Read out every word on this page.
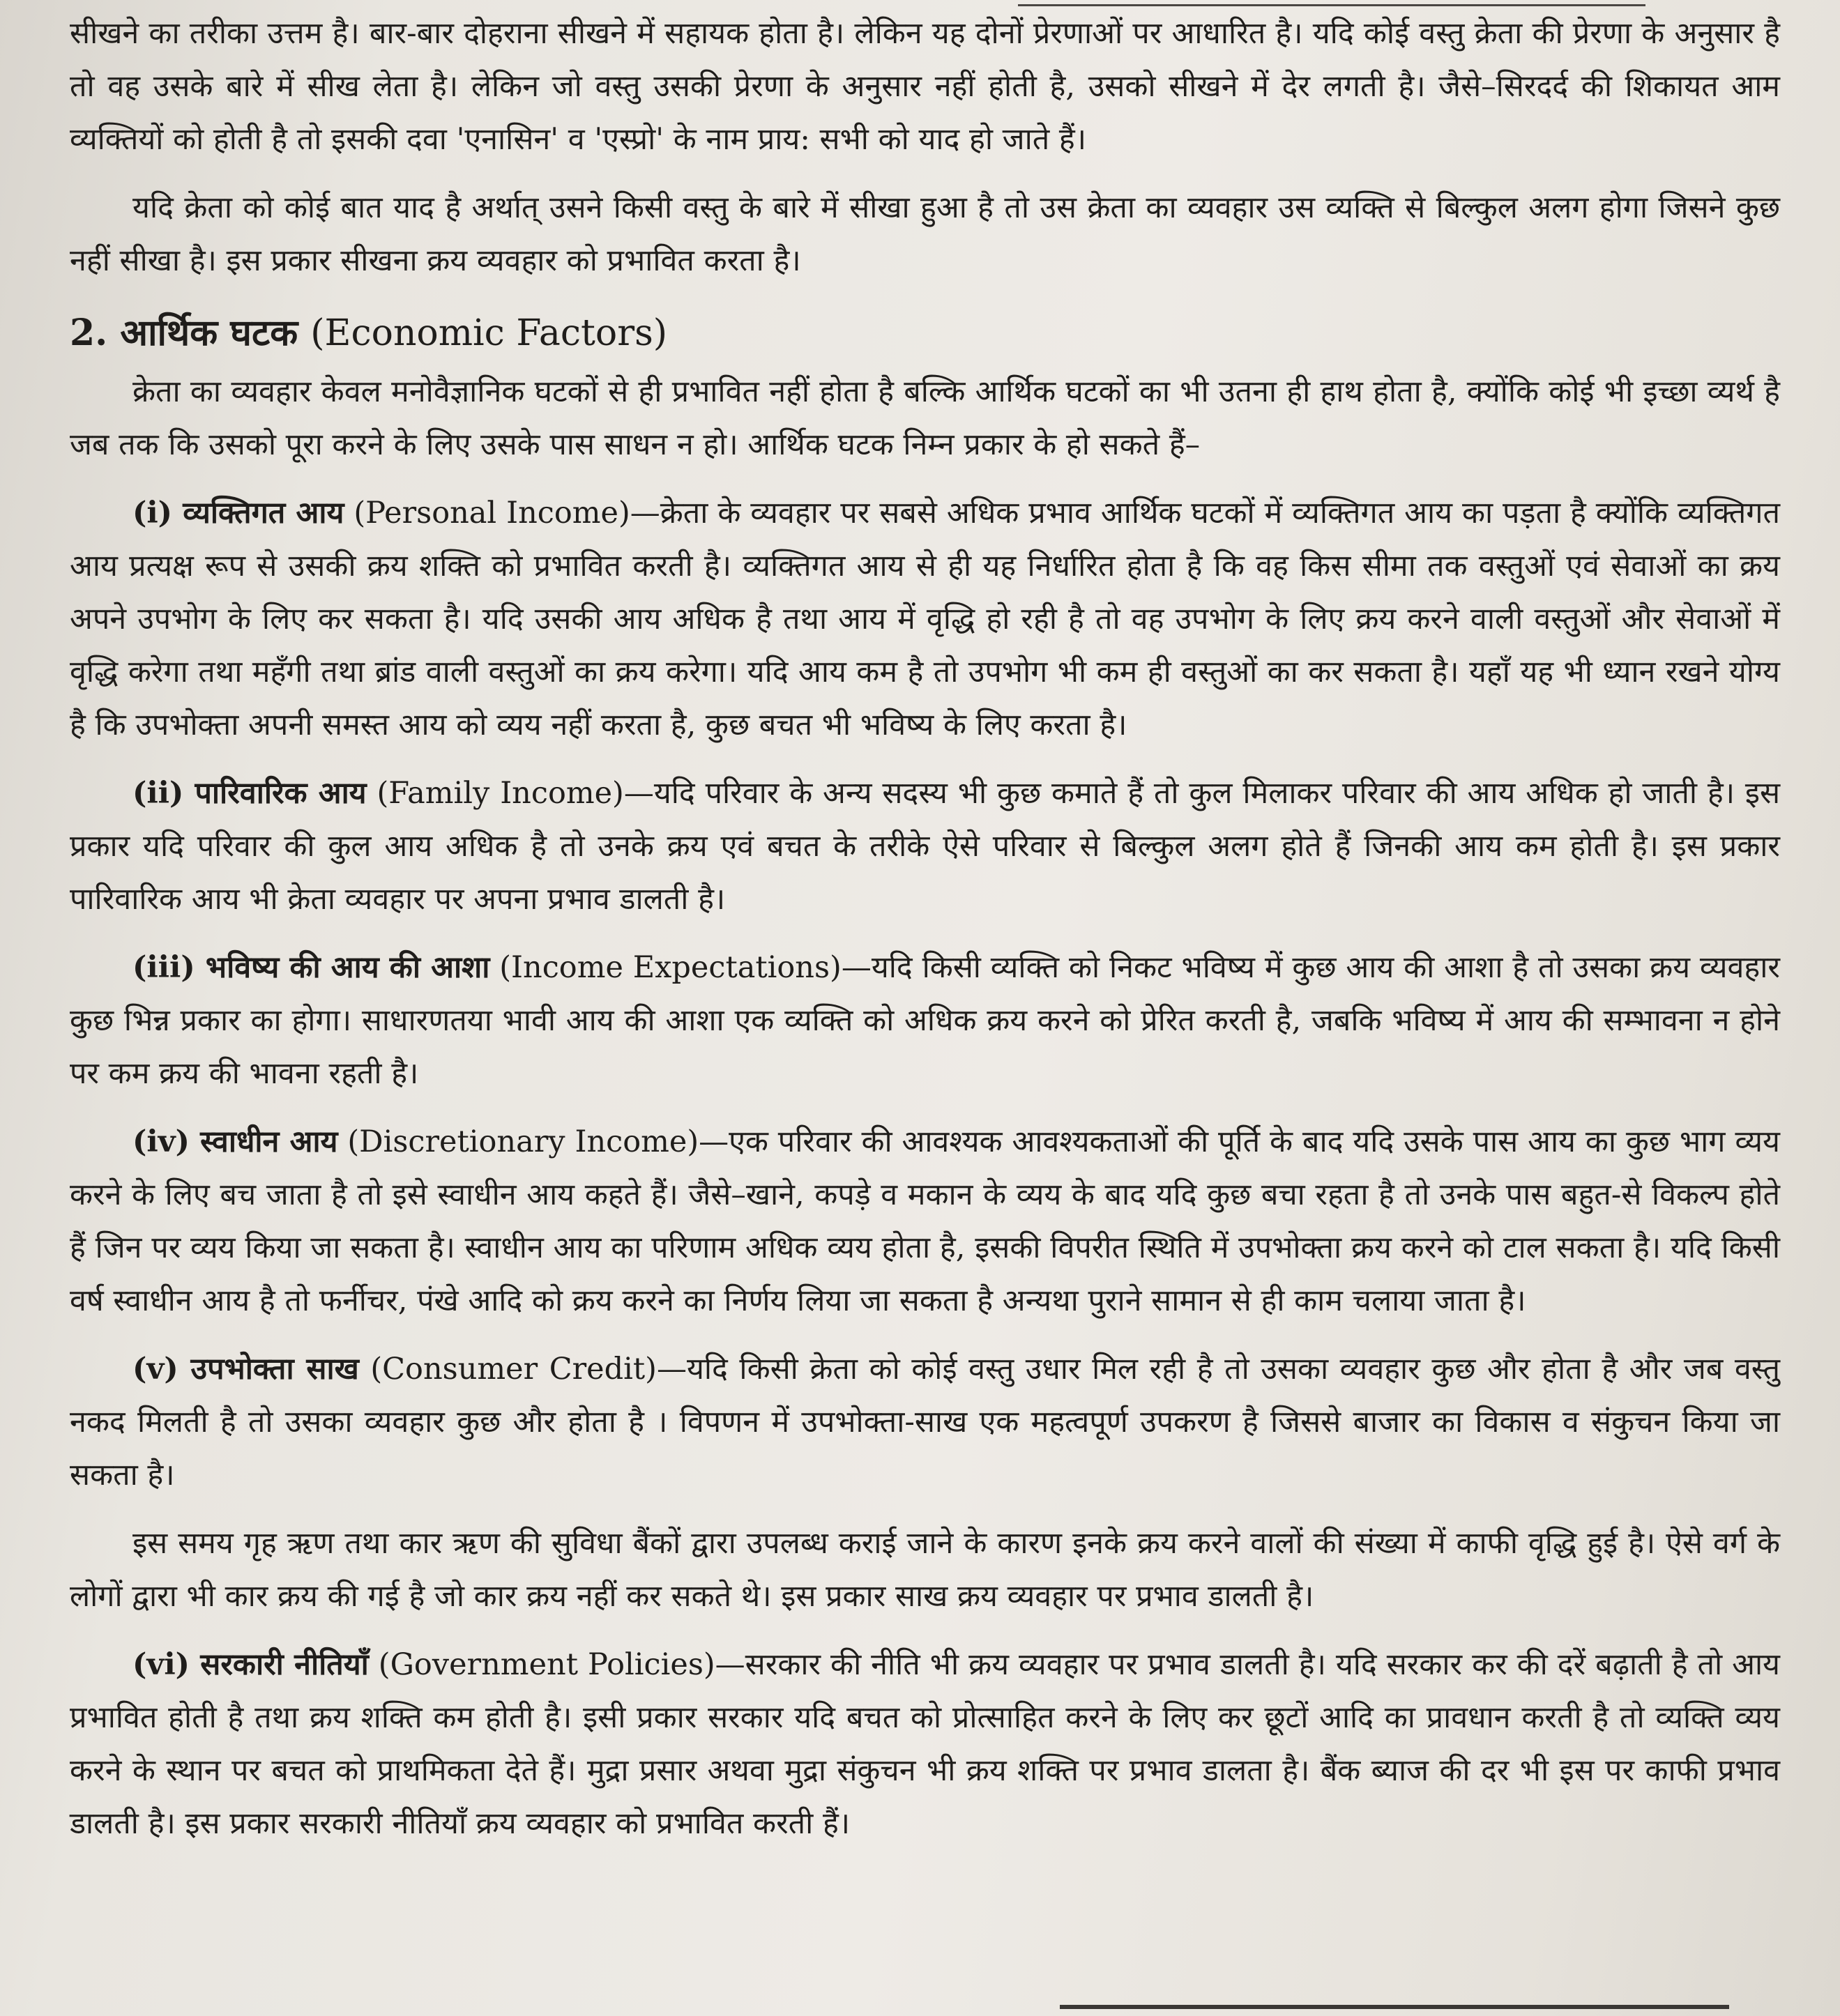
सीखने का तरीका उत्तम है। बार-बार दोहराना सीखने में सहायक होता है। लेकिन यह दोनों प्रेरणाओं पर आधारित है। यदि कोई वस्तु क्रेता की प्रेरणा के अनुसार है तो वह उसके बारे में सीख लेता है। लेकिन जो वस्तु उसकी प्रेरणा के अनुसार नहीं होती है, उसको सीखने में देर लगती है। जैसे–सिरदर्द की शिकायत आम व्यक्तियों को होती है तो इसकी दवा 'एनासिन' व 'एस्प्रो' के नाम प्राय: सभी को याद हो जाते हैं।

यदि क्रेता को कोई बात याद है अर्थात् उसने किसी वस्तु के बारे में सीखा हुआ है तो उस क्रेता का व्यवहार उस व्यक्ति से बिल्कुल अलग होगा जिसने कुछ नहीं सीखा है। इस प्रकार सीखना क्रय व्यवहार को प्रभावित करता है।

2. आर्थिक घटक (Economic Factors)

क्रेता का व्यवहार केवल मनोवैज्ञानिक घटकों से ही प्रभावित नहीं होता है बल्कि आर्थिक घटकों का भी उतना ही हाथ होता है, क्योंकि कोई भी इच्छा व्यर्थ है जब तक कि उसको पूरा करने के लिए उसके पास साधन न हो। आर्थिक घटक निम्न प्रकार के हो सकते हैं–

(i) व्यक्तिगत आय (Personal Income)—क्रेता के व्यवहार पर सबसे अधिक प्रभाव आर्थिक घटकों में व्यक्तिगत आय का पड़ता है क्योंकि व्यक्तिगत आय प्रत्यक्ष रूप से उसकी क्रय शक्ति को प्रभावित करती है। व्यक्तिगत आय से ही यह निर्धारित होता है कि वह किस सीमा तक वस्तुओं एवं सेवाओं का क्रय अपने उपभोग के लिए कर सकता है। यदि उसकी आय अधिक है तथा आय में वृद्धि हो रही है तो वह उपभोग के लिए क्रय करने वाली वस्तुओं और सेवाओं में वृद्धि करेगा तथा महँगी तथा ब्रांड वाली वस्तुओं का क्रय करेगा। यदि आय कम है तो उपभोग भी कम ही वस्तुओं का कर सकता है। यहाँ यह भी ध्यान रखने योग्य है कि उपभोक्ता अपनी समस्त आय को व्यय नहीं करता है, कुछ बचत भी भविष्य के लिए करता है।

(ii) पारिवारिक आय (Family Income)—यदि परिवार के अन्य सदस्य भी कुछ कमाते हैं तो कुल मिलाकर परिवार की आय अधिक हो जाती है। इस प्रकार यदि परिवार की कुल आय अधिक है तो उनके क्रय एवं बचत के तरीके ऐसे परिवार से बिल्कुल अलग होते हैं जिनकी आय कम होती है। इस प्रकार पारिवारिक आय भी क्रेता व्यवहार पर अपना प्रभाव डालती है।

(iii) भविष्य की आय की आशा (Income Expectations)—यदि किसी व्यक्ति को निकट भविष्य में कुछ आय की आशा है तो उसका क्रय व्यवहार कुछ भिन्न प्रकार का होगा। साधारणतया भावी आय की आशा एक व्यक्ति को अधिक क्रय करने को प्रेरित करती है, जबकि भविष्य में आय की सम्भावना न होने पर कम क्रय की भावना रहती है।

(iv) स्वाधीन आय (Discretionary Income)—एक परिवार की आवश्यक आवश्यकताओं की पूर्ति के बाद यदि उसके पास आय का कुछ भाग व्यय करने के लिए बच जाता है तो इसे स्वाधीन आय कहते हैं। जैसे–खाने, कपड़े व मकान के व्यय के बाद यदि कुछ बचा रहता है तो उनके पास बहुत-से विकल्प होते हैं जिन पर व्यय किया जा सकता है। स्वाधीन आय का परिणाम अधिक व्यय होता है, इसकी विपरीत स्थिति में उपभोक्ता क्रय करने को टाल सकता है। यदि किसी वर्ष स्वाधीन आय है तो फर्नीचर, पंखे आदि को क्रय करने का निर्णय लिया जा सकता है अन्यथा पुराने सामान से ही काम चलाया जाता है।

(v) उपभोक्ता साख (Consumer Credit)—यदि किसी क्रेता को कोई वस्तु उधार मिल रही है तो उसका व्यवहार कुछ और होता है और जब वस्तु नकद मिलती है तो उसका व्यवहार कुछ और होता है । विपणन में उपभोक्ता-साख एक महत्वपूर्ण उपकरण है जिससे बाजार का विकास व संकुचन किया जा सकता है।

इस समय गृह ऋण तथा कार ऋण की सुविधा बैंकों द्वारा उपलब्ध कराई जाने के कारण इनके क्रय करने वालों की संख्या में काफी वृद्धि हुई है। ऐसे वर्ग के लोगों द्वारा भी कार क्रय की गई है जो कार क्रय नहीं कर सकते थे। इस प्रकार साख क्रय व्यवहार पर प्रभाव डालती है।

(vi) सरकारी नीतियाँ (Government Policies)—सरकार की नीति भी क्रय व्यवहार पर प्रभाव डालती है। यदि सरकार कर की दरें बढ़ाती है तो आय प्रभावित होती है तथा क्रय शक्ति कम होती है। इसी प्रकार सरकार यदि बचत को प्रोत्साहित करने के लिए कर छूटों आदि का प्रावधान करती है तो व्यक्ति व्यय करने के स्थान पर बचत को प्राथमिकता देते हैं। मुद्रा प्रसार अथवा मुद्रा संकुचन भी क्रय शक्ति पर प्रभाव डालता है। बैंक ब्याज की दर भी इस पर काफी प्रभाव डालती है। इस प्रकार सरकारी नीतियाँ क्रय व्यवहार को प्रभावित करती हैं।
